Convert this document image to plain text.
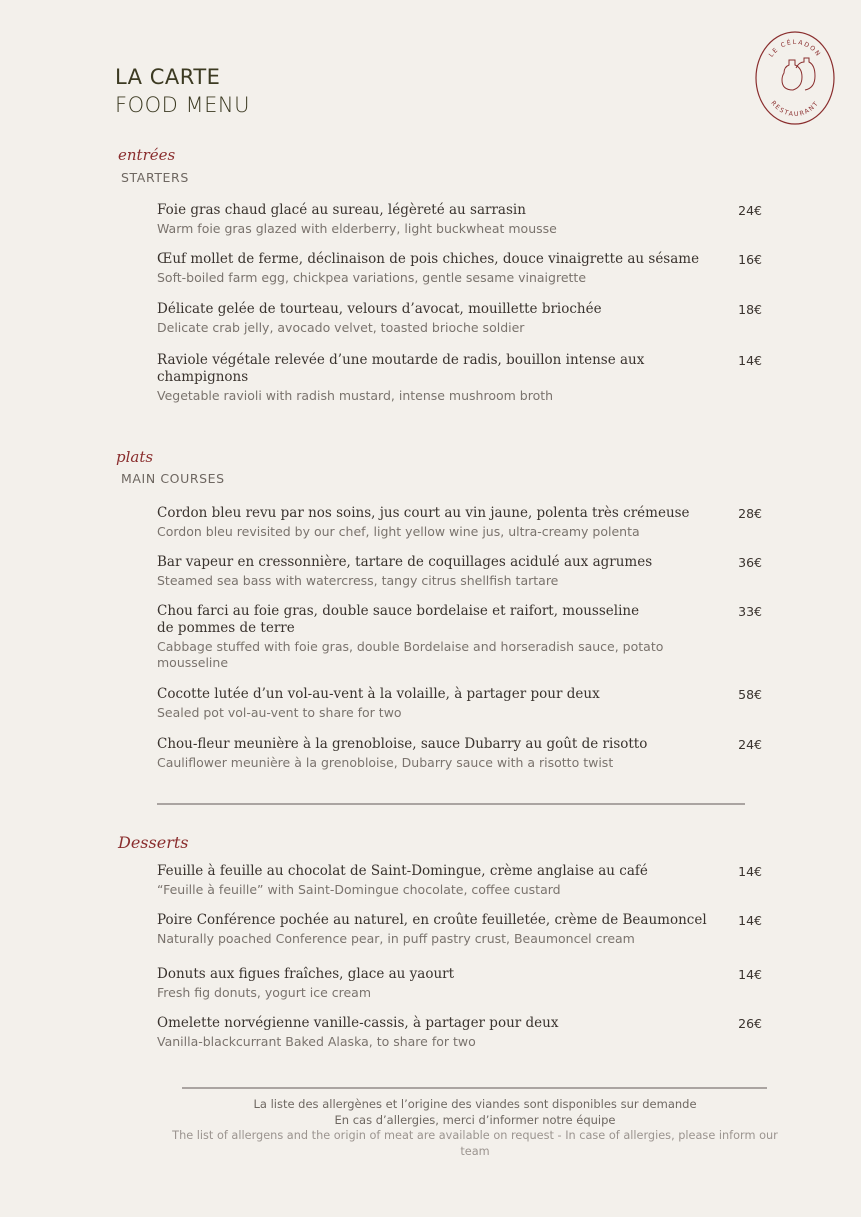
LA CARTE
FOOD MENU
LE CÉLADON
RESTAURANT
entrées
STARTERS
Foie gras chaud glacé au sureau, légèreté au sarrasin
Warm foie gras glazed with elderberry, light buckwheat mousse
24€
Œuf mollet de ferme, déclinaison de pois chiches, douce vinaigrette au sésame
Soft-boiled farm egg, chickpea variations, gentle sesame vinaigrette
16€
Délicate gelée de tourteau, velours d’avocat, mouillette briochée
Delicate crab jelly, avocado velvet, toasted brioche soldier
18€
Raviole végétale relevée d’une moutarde de radis, bouillon intense aux champignons
Vegetable ravioli with radish mustard, intense mushroom broth
14€
plats
MAIN COURSES
Cordon bleu revu par nos soins, jus court au vin jaune, polenta très crémeuse
Cordon bleu revisited by our chef, light yellow wine jus, ultra-creamy polenta
28€
Bar vapeur en cressonnière, tartare de coquillages acidulé aux agrumes
Steamed sea bass with watercress, tangy citrus shellfish tartare
36€
Chou farci au foie gras, double sauce bordelaise et raifort, mousseline de pommes de terre
Cabbage stuffed with foie gras, double Bordelaise and horseradish sauce, potato mousseline
33€
Cocotte lutée d’un vol-au-vent à la volaille, à partager pour deux
Sealed pot vol-au-vent to share for two
58€
Chou-fleur meunière à la grenobloise, sauce Dubarry au goût de risotto
Cauliflower meunière à la grenobloise, Dubarry sauce with a risotto twist
24€
Desserts
Feuille à feuille au chocolat de Saint-Domingue, crème anglaise au café
“Feuille à feuille” with Saint-Domingue chocolate, coffee custard
14€
Poire Conférence pochée au naturel, en croûte feuilletée, crème de Beaumoncel
Naturally poached Conference pear, in puff pastry crust, Beaumoncel cream
14€
Donuts aux figues fraîches, glace au yaourt
Fresh fig donuts, yogurt ice cream
14€
Omelette norvégienne vanille-cassis, à partager pour deux
Vanilla-blackcurrant Baked Alaska, to share for two
26€
La liste des allergènes et l’origine des viandes sont disponibles sur demande
En cas d’allergies, merci d’informer notre équipe
The list of allergens and the origin of meat are available on request - In case of allergies, please inform our team
